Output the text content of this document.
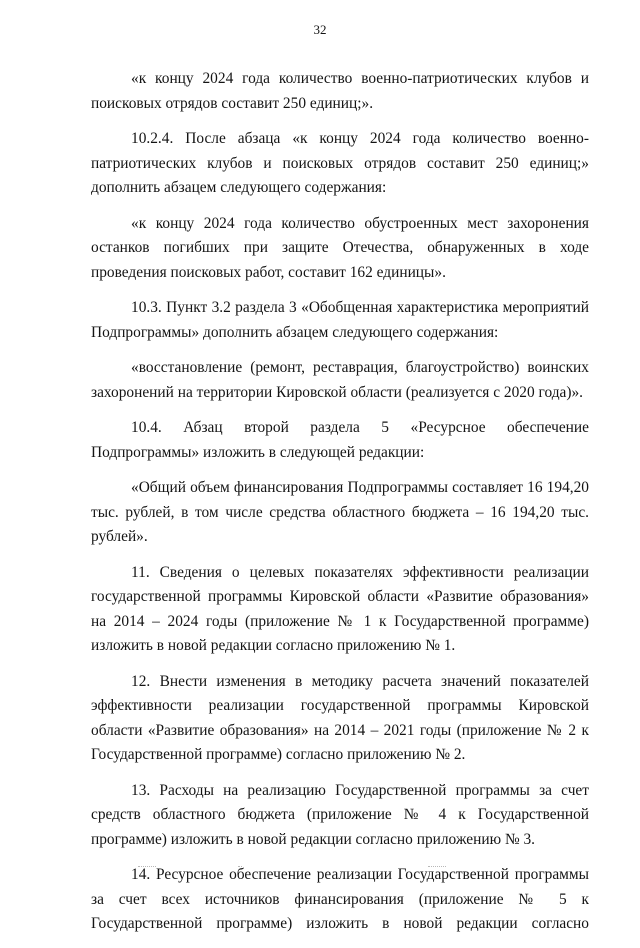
32

«к концу 2024 года количество военно-патриотических клубов и поисковых отрядов составит 250 единиц;».

10.2.4. После абзаца «к концу 2024 года количество военно-патриотических клубов и поисковых отрядов составит 250 единиц;» дополнить абзацем следующего содержания:

«к концу 2024 года количество обустроенных мест захоронения останков погибших при защите Отечества, обнаруженных в ходе проведения поисковых работ, составит 162 единицы».

10.3. Пункт 3.2 раздела 3 «Обобщенная характеристика мероприятий Подпрограммы» дополнить абзацем следующего содержания:

«восстановление (ремонт, реставрация, благоустройство) воинских захоронений на территории Кировской области (реализуется с 2020 года)».

10.4. Абзац второй раздела 5 «Ресурсное обеспечение Подпрограммы» изложить в следующей редакции:

«Общий объем финансирования Подпрограммы составляет 16 194,20 тыс. рублей, в том числе средства областного бюджета – 16 194,20 тыс. рублей».

11. Сведения о целевых показателях эффективности реализации государственной программы Кировской области «Развитие образования» на 2014 – 2024 годы (приложение № 1 к Государственной программе) изложить в новой редакции согласно приложению № 1.

12. Внести изменения в методику расчета значений показателей эффективности реализации государственной программы Кировской области «Развитие образования» на 2014 – 2021 годы (приложение № 2 к Государственной программе) согласно приложению № 2.

13. Расходы на реализацию Государственной программы за счет средств областного бюджета (приложение № 4 к Государственной программе) изложить в новой редакции согласно приложению № 3.

14. Ресурсное обеспечение реализации Государственной программы за счет всех источников финансирования (приложение № 5 к Государственной программе) изложить в новой редакции согласно
